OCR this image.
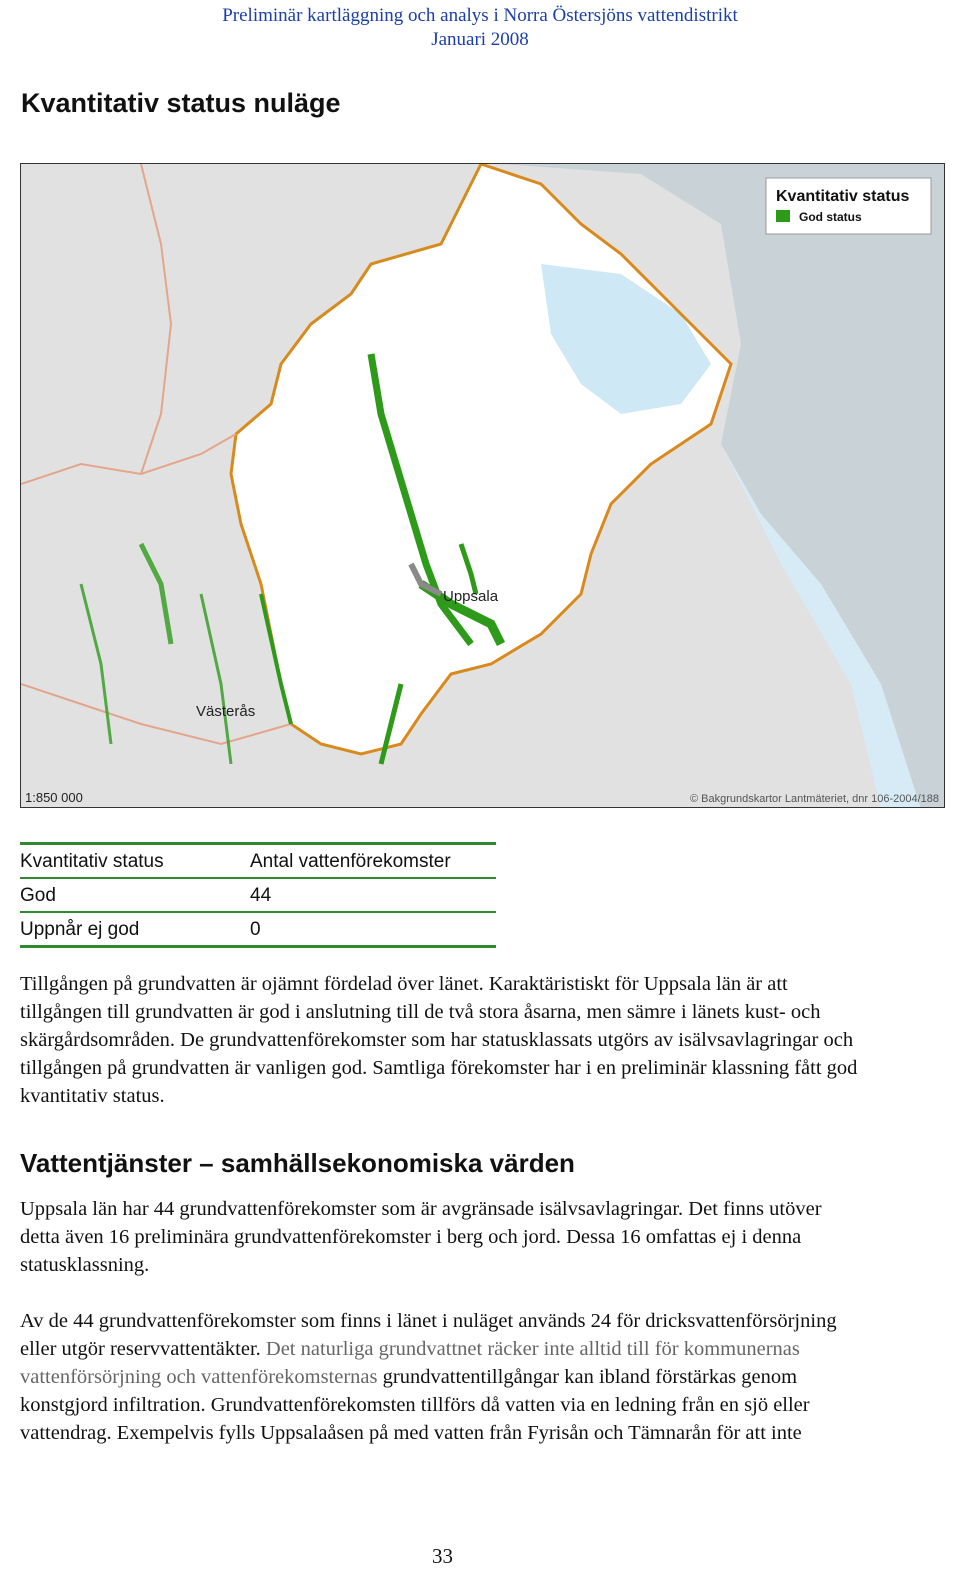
Preliminär kartläggning och analys i Norra Östersjöns vattendistrikt
Januari 2008
Kvantitativ status nuläge
Kvantitativ status
God status
Uppsala
Västerås
1:850 000	© Bakgrundskartor Lantmäteriet, dnr 106-2004/188
Kvantitativ status	Antal vattenförekomster
God	44
Uppnår ej god	0

Tillgången på grundvatten är ojämnt fördelad över länet. Karaktäristiskt för Uppsala län är att tillgången till grundvatten är god i anslutning till de två stora åsarna, men sämre i länets kust- och skärgårdsområden. De grundvattenförekomster som har statusklassats utgörs av isälvsavlagringar och tillgången på grundvatten är vanligen god. Samtliga förekomster har i en preliminär klassning fått god kvantitativ status.

Vattentjänster – samhällsekonomiska värden

Uppsala län har 44 grundvattenförekomster som är avgränsade isälvsavlagringar. Det finns utöver detta även 16 preliminära grundvattenförekomster i berg och jord. Dessa 16 omfattas ej i denna statusklassning.

Av de 44 grundvattenförekomster som finns i länet i nuläget används 24 för dricksvattenförsörjning eller utgör reservvattentäkter. Det naturliga grundvattnet räcker inte alltid till för kommunernas vattenförsörjning och vattenförekomsternas grundvattentillgångar kan ibland förstärkas genom konstgjord infiltration. Grundvattenförekomsten tillförs då vatten via en ledning från en sjö eller vattendrag. Exempelvis fylls Uppsalaåsen på med vatten från Fyrisån och Tämnarån för att inte

33
